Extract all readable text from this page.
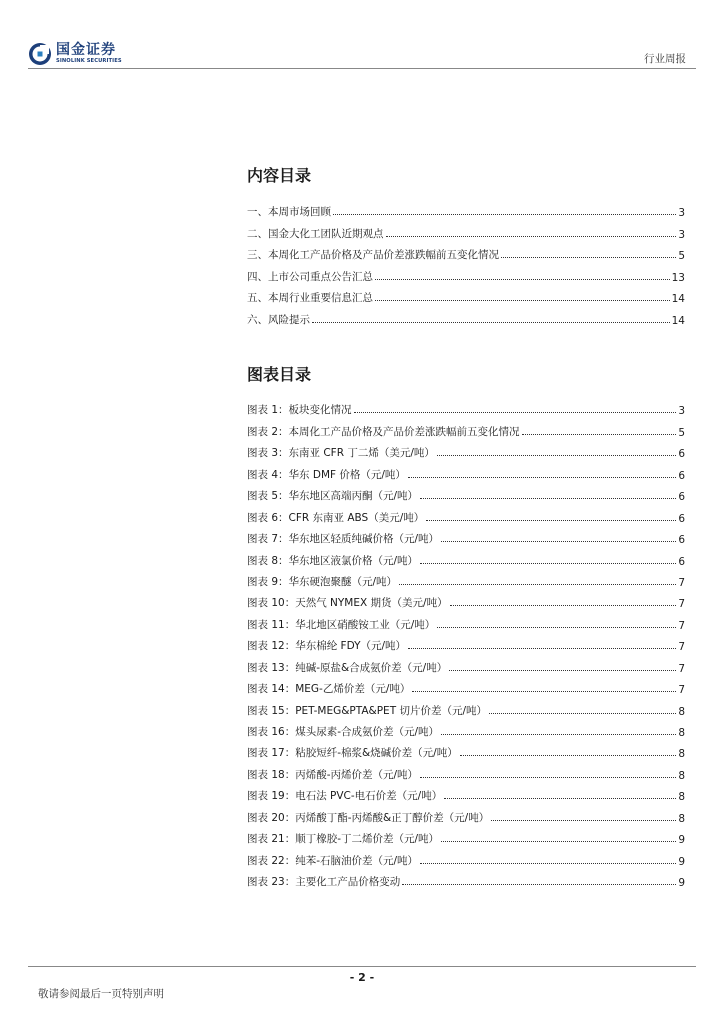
国金证券
SINOLINK SECURITIES	行业周报
内容目录
一、本周市场回顾	3
二、国金大化工团队近期观点	3
三、本周化工产品价格及产品价差涨跌幅前五变化情况	5
四、上市公司重点公告汇总	13
五、本周行业重要信息汇总	14
六、风险提示	14
图表目录
图表 1：板块变化情况	3
图表 2：本周化工产品价格及产品价差涨跌幅前五变化情况	5
图表 3：东南亚 CFR 丁二烯（美元/吨）	6
图表 4：华东 DMF 价格（元/吨）	6
图表 5：华东地区高端丙酮（元/吨）	6
图表 6：CFR 东南亚 ABS（美元/吨）	6
图表 7：华东地区轻质纯碱价格（元/吨）	6
图表 8：华东地区液氯价格（元/吨）	6
图表 9：华东硬泡聚醚（元/吨）	7
图表 10：天然气 NYMEX 期货（美元/吨）	7
图表 11：华北地区硝酸铵工业（元/吨）	7
图表 12：华东棉纶 FDY（元/吨）	7
图表 13：纯碱-原盐&合成氨价差（元/吨）	7
图表 14：MEG-乙烯价差（元/吨）	7
图表 15：PET-MEG&PTA&PET 切片价差（元/吨）	8
图表 16：煤头尿素-合成氨价差（元/吨）	8
图表 17：粘胶短纤-棉浆&烧碱价差（元/吨）	8
图表 18：丙烯酸-丙烯价差（元/吨）	8
图表 19：电石法 PVC-电石价差（元/吨）	8
图表 20：丙烯酸丁酯-丙烯酸&正丁醇价差（元/吨）	8
图表 21：顺丁橡胶-丁二烯价差（元/吨）	9
图表 22：纯苯-石脑油价差（元/吨）	9
图表 23：主要化工产品价格变动	9
- 2 -
敬请参阅最后一页特别声明
